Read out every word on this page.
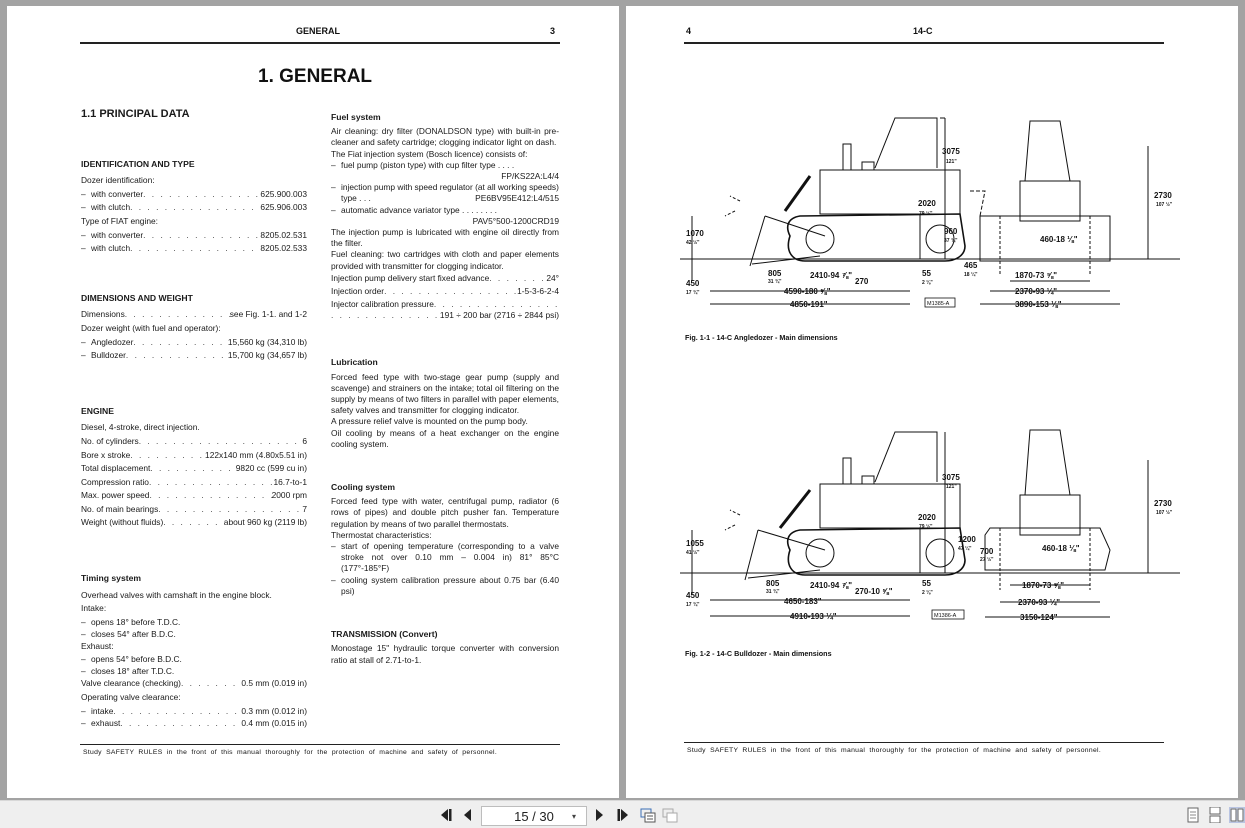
GENERAL	3
1. GENERAL
1.1 PRINCIPAL DATA
IDENTIFICATION AND TYPE
Dozer identification:
– with converter . . .	625.900.003
– with clutch . . .	625.906.003
Type of FIAT engine:
– with converter . . .	8205.02.531
– with clutch . . .	8205.02.533
DIMENSIONS AND WEIGHT
Dimensions . . .	see Fig. 1-1. and 1-2
Dozer weight (with fuel and operator):
– Angledozer . . .	15,560 kg (34,310 lb)
– Bulldozer . . .	15,700 kg (34,657 lb)
ENGINE
Diesel, 4-stroke, direct injection.
No. of cylinders . . .	6
Bore x stroke . . .	122x140 mm (4.80x5.51 in)
Total displacement . . .	9820 cc (599 cu in)
Compression ratio . . .	16.7-to-1
Max. power speed . . .	2000 rpm
No. of main bearings . . .	7
Weight (without fluids) . . .	about 960 kg (2119 lb)
Timing system
Overhead valves with camshaft in the engine block.
Intake:
– opens 18° before T.D.C.
– closes 54° after B.D.C.
Exhaust:
– opens 54° before B.D.C.
– closes 18° after T.D.C.
Valve clearance (checking) . . .	0.5 mm (0.019 in)
Operating valve clearance:
– intake . . .	0.3 mm (0.012 in)
– exhaust . . .	0.4 mm (0.015 in)
Fuel system
Air cleaning: dry filter (DONALDSON type) with built-in pre-cleaner and safety cartridge; clogging indicator light on dash.
The Fiat injection system (Bosch licence) consists of:
– fuel pump (piston type) with cup filter type . . . .
FP/KS22A:L4/4
– injection pump with speed regulator (at all working speeds) type . . .	PE6BV95E412:L4/515
– automatic advance variator type . . . . . . . .
PAV5°500-1200CRD19
The injection pump is lubricated with engine oil directly from the filter.
Fuel cleaning: two cartridges with cloth and paper elements provided with transmitter for clogging indicator.
Injection pump delivery start fixed advance . . .	24°
Injection order . . .	1-5-3-6-2-4
Injector calibration pressure
. . .
. . .
191 ÷ 200 bar (2716 ÷ 2844 psi)
Lubrication
Forced feed type with two-stage gear pump (supply and scavenge) and strainers on the intake; total oil filtering on the supply by means of two filters in parallel with paper elements, safety valves and transmitter for clogging indicator.
A pressure relief valve is mounted on the pump body.
Oil cooling by means of a heat exchanger on the engine cooling system.
Cooling system
Forced feed type with water, centrifugal pump, radiator (6 rows of pipes) and double pitch pusher fan. Temperature regulation by means of two parallel thermostats.
Thermostat characteristics:
– start of opening temperature (corresponding to a valve stroke not over 0.10 mm – 0.004 in) 81° 85°C (177°-185°F)
– cooling system calibration pressure about 0.75 bar (6.40 psi)
TRANSMISSION (Convert)
Monostage 15" hydraulic torque converter with conversion ratio at stall of 2.71-to-1.
Study SAFETY RULES in the front of this manual thoroughly for the protection of machine and safety of personnel.
4	14-C
3075
121"
2020
79 ½"
1070
42 ½"
450
17 ¾"
805
31 ¾"
2410-94 ⅞"
270
55
2 ⅛"
4590-180 ⅝"
4850-191"
960
37 ¾"
465
18 ¼"
460-18 ⅛"
1870-73 ⅝"
2370-93 ¼"
3890-153 ⅛"
2730
107 ½"
M1385-A
Fig. 1-1 - 14-C Angledozer - Main dimensions
3075
121"
2020
79 ½"
1055
41 ½"
450
17 ¾"
805
31 ¾"
2410-94 ⅞"
270-10 ⅝"
55
2 ⅛"
4650-183"
4910-193 ¼"
1200
47 ¼" 700
27 ½"
460-18 ⅛"
1870-73 ⅝"
2370-93 ¼"
3150-124"
2730
107 ½"
M1386-A
Fig. 1-2 - 14-C Bulldozer - Main dimensions
Study SAFETY RULES in the front of this manual thoroughly for the protection of machine and safety of personnel.
15 / 30	▾
